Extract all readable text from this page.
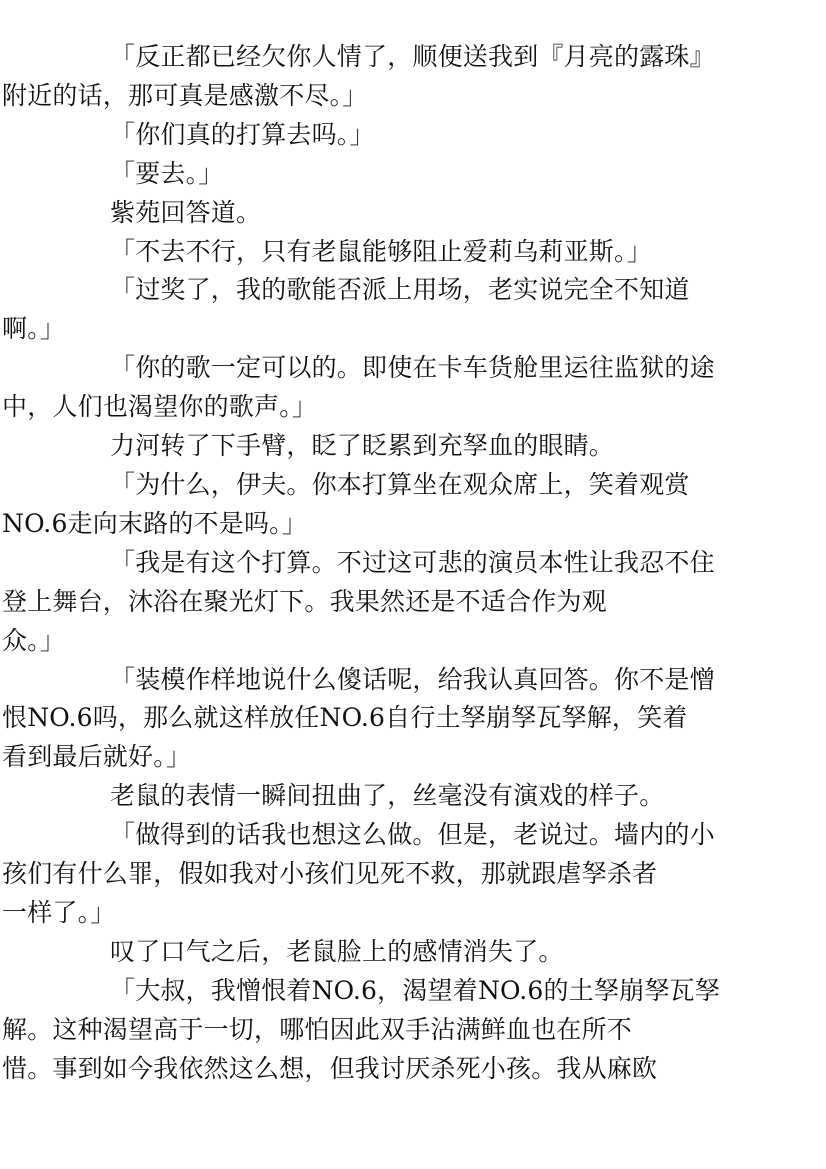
「反正都已经欠你人情了，顺便送我到『月亮的露珠』
附近的话，那可真是感激不尽。」

「你们真的打算去吗。」

「要去。」

紫苑回答道。

「不去不行，只有老鼠能够阻止爱莉乌莉亚斯。」

「过奖了，我的歌能否派上用场，老实说完全不知道
啊。」

「你的歌一定可以的。即使在卡车货舱里运往监狱的途
中，人们也渴望你的歌声。」

力河转了下手臂，眨了眨累到充孥血的眼睛。

「为什么，伊夫。你本打算坐在观众席上，笑着观赏
NO.6走向末路的不是吗。」

「我是有这个打算。不过这可悲的演员本性让我忍不住
登上舞台，沐浴在聚光灯下。我果然还是不适合作为观
众。」

「装模作样地说什么傻话呢，给我认真回答。你不是憎
恨NO.6吗，那么就这样放任NO.6自行土孥崩孥瓦孥解，笑着
看到最后就好。」

老鼠的表情一瞬间扭曲了，丝毫没有演戏的样子。

「做得到的话我也想这么做。但是，老说过。墙内的小
孩们有什么罪，假如我对小孩们见死不救，那就跟虐孥杀者
一样了。」

叹了口气之后，老鼠脸上的感情消失了。

「大叔，我憎恨着NO.6，渴望着NO.6的土孥崩孥瓦孥
解。这种渴望高于一切，哪怕因此双手沾满鲜血也在所不
惜。事到如今我依然这么想，但我讨厌杀死小孩。我从麻欧
